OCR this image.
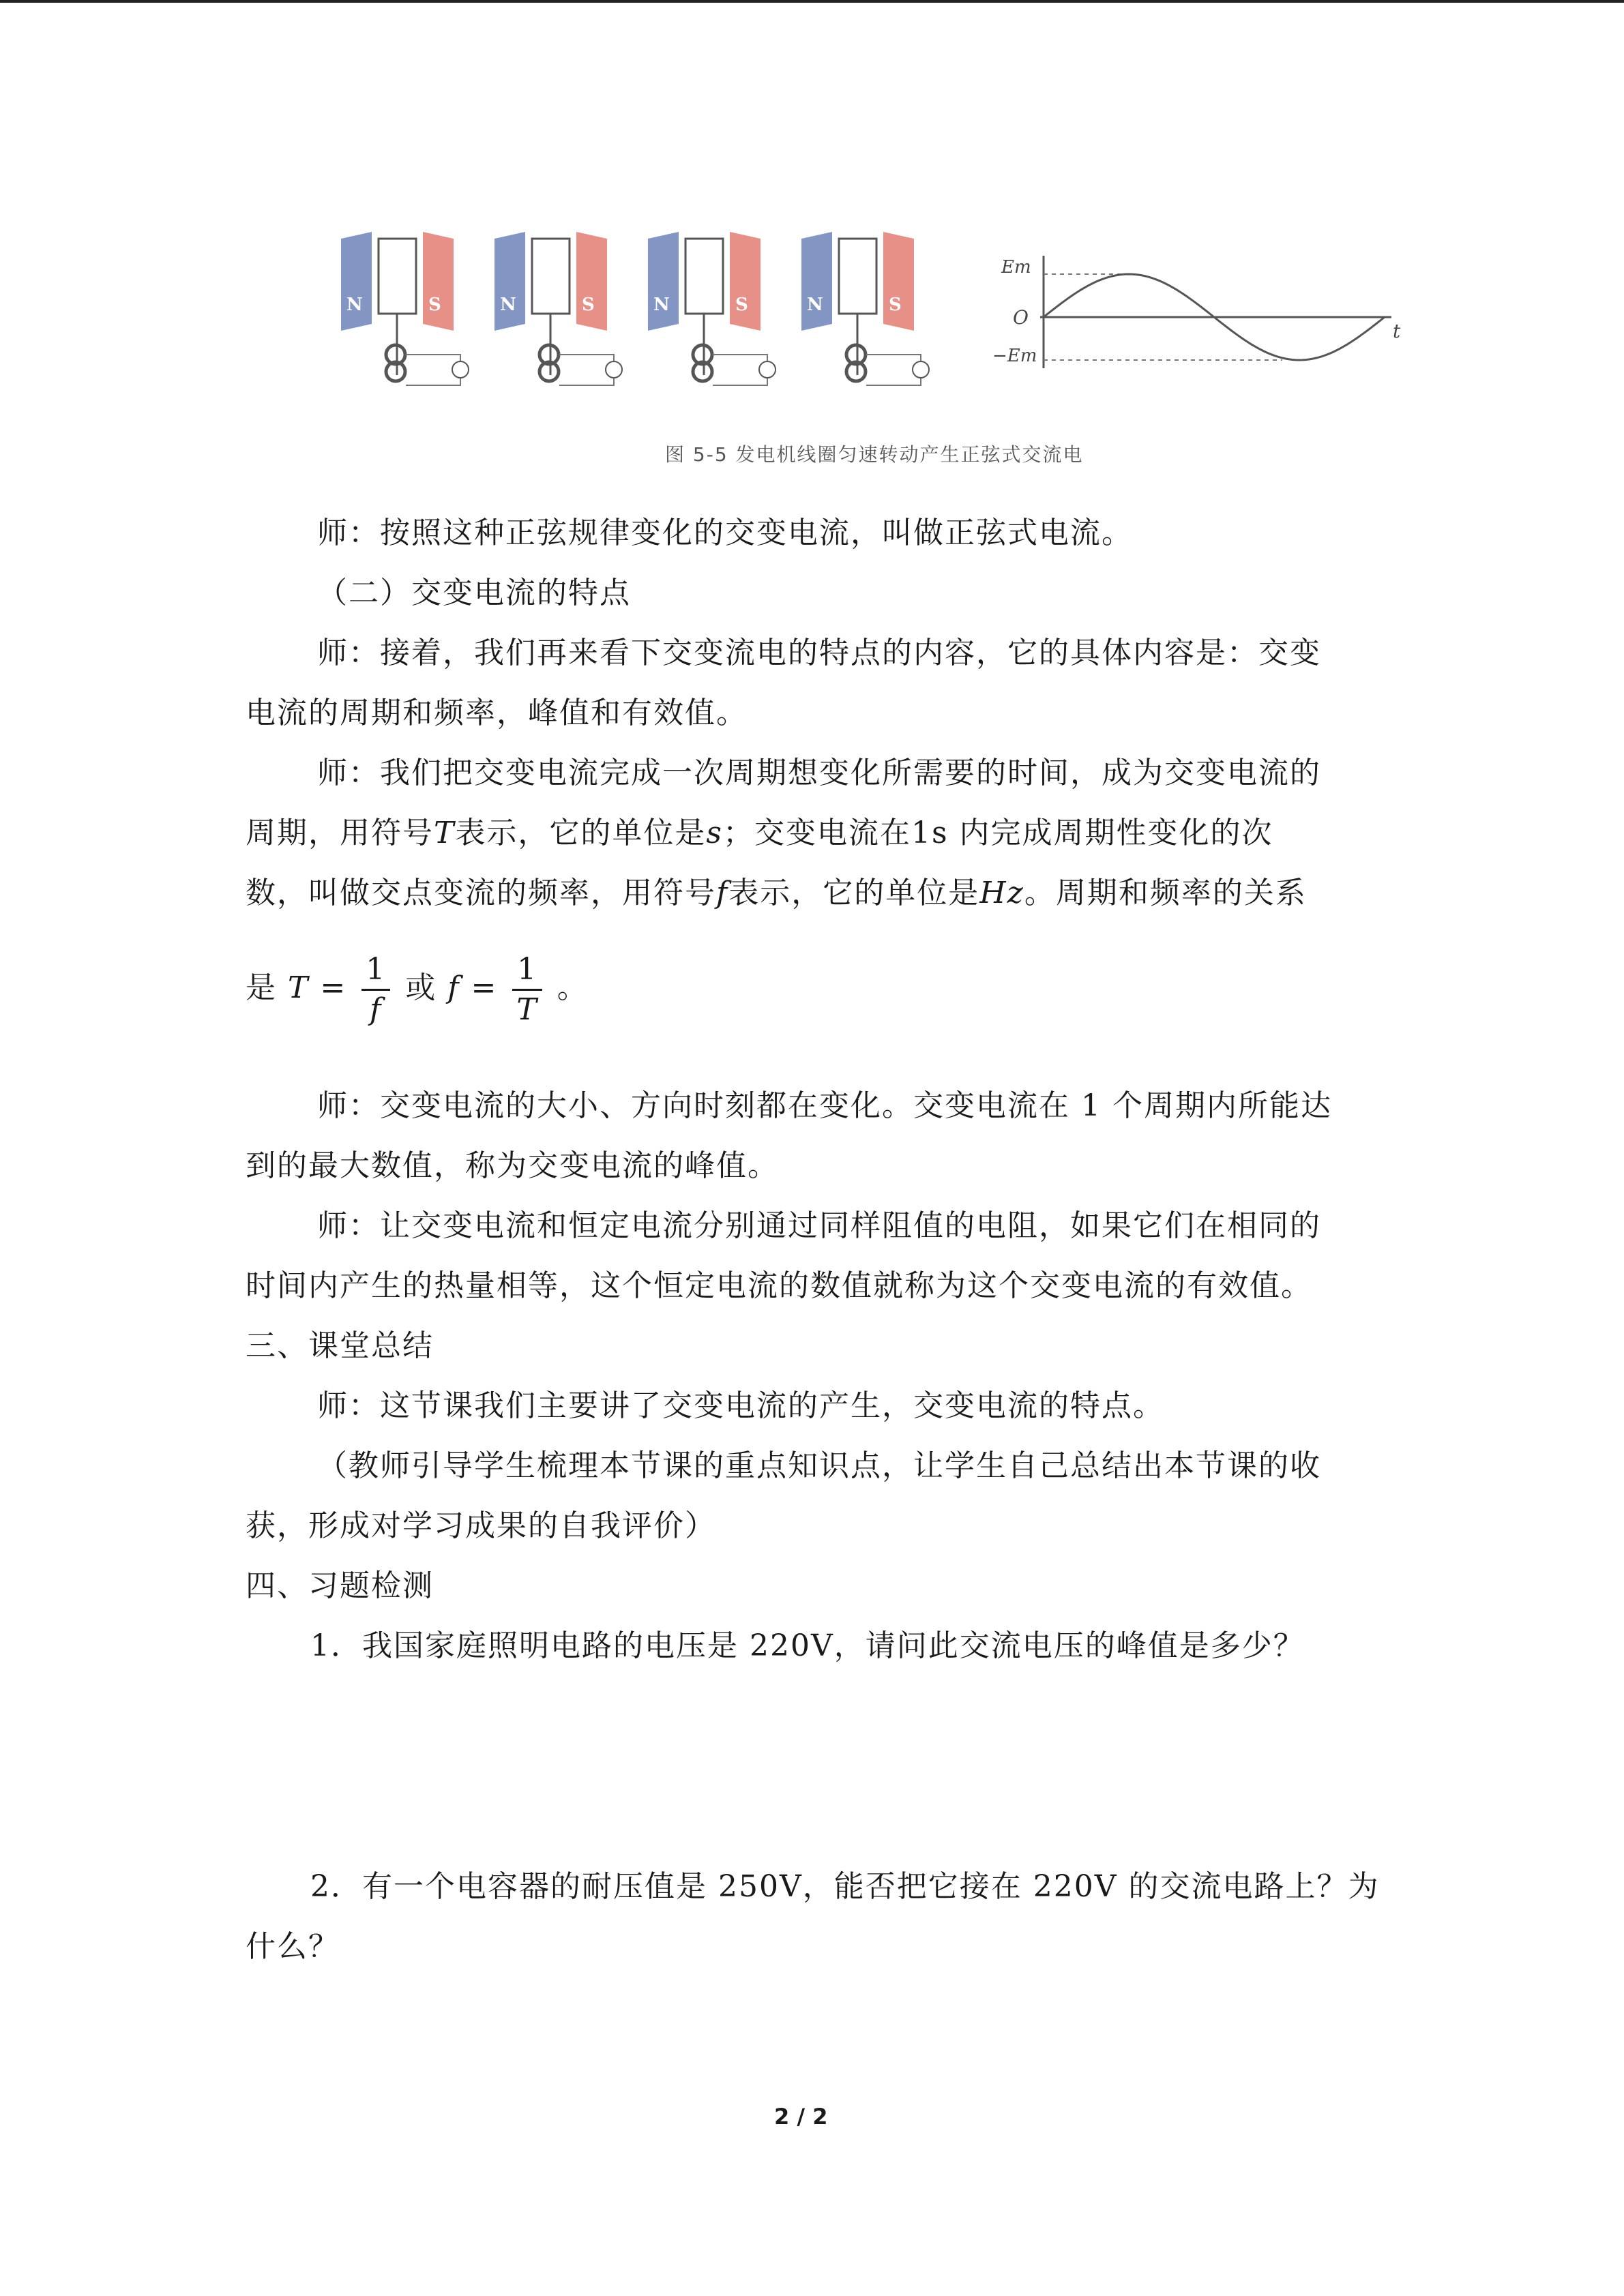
N	S	N	S	N	S	N	S
Em
O
−Em
t
图 5-5 发电机线圈匀速转动产生正弦式交流电
师：按照这种正弦规律变化的交变电流，叫做正弦式电流。
（二）交变电流的特点
师：接着，我们再来看下交变流电的特点的内容，它的具体内容是：交变
电流的周期和频率，峰值和有效值。
师：我们把交变电流完成一次周期想变化所需要的时间，成为交变电流的
周期，用符号T表示，它的单位是s；交变电流在1s 内完成周期性变化的次
数，叫做交点变流的频率，用符号f表示，它的单位是Hz。周期和频率的关系
是 $T = \frac{1}{f}$ 或 $f = \frac{1}{T}$ 。
师：交变电流的大小、方向时刻都在变化。交变电流在 1 个周期内所能达
到的最大数值，称为交变电流的峰值。
师：让交变电流和恒定电流分别通过同样阻值的电阻，如果它们在相同的
时间内产生的热量相等，这个恒定电流的数值就称为这个交变电流的有效值。
三、课堂总结
师：这节课我们主要讲了交变电流的产生，交变电流的特点。
（教师引导学生梳理本节课的重点知识点，让学生自己总结出本节课的收
获，形成对学习成果的自我评价）
四、习题检测
1．我国家庭照明电路的电压是 220V，请问此交流电压的峰值是多少？
2．有一个电容器的耐压值是 250V，能否把它接在 220V 的交流电路上？为
什么？
2 / 2
